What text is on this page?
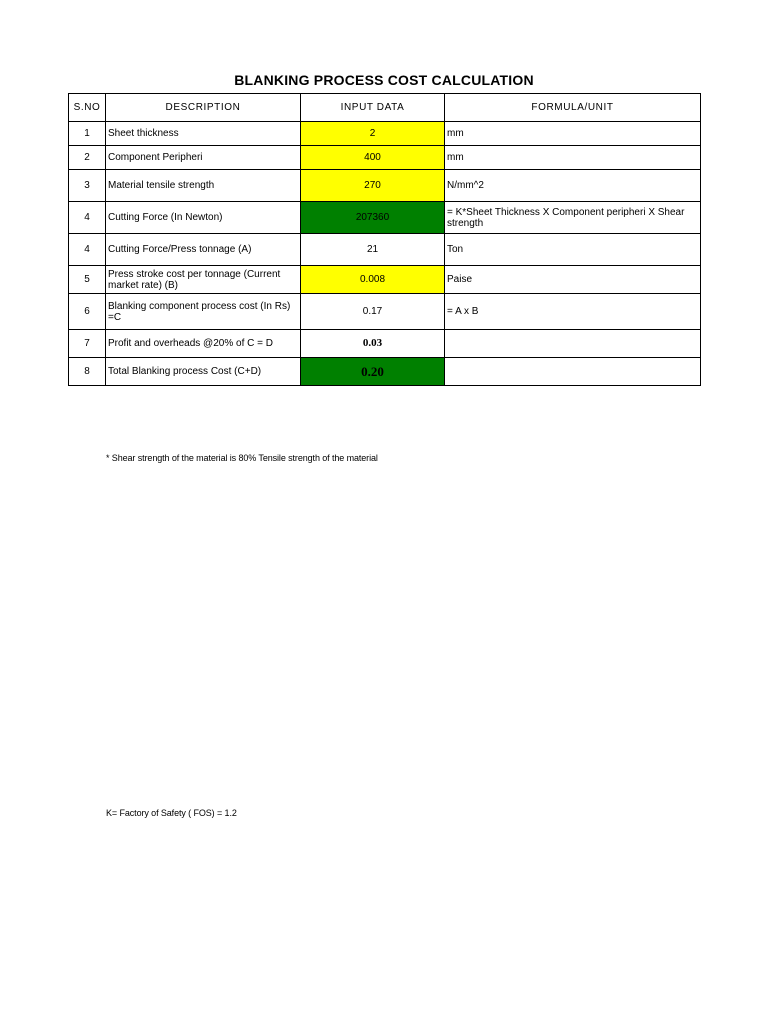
BLANKING PROCESS COST CALCULATION
S.NO	DESCRIPTION	INPUT DATA	FORMULA/UNIT
1	Sheet thickness	2	mm
2	Component Peripheri	400	mm
3	Material tensile strength	270	N/mm^2
4	Cutting Force (In Newton)	207360	= K*Sheet Thickness X Component peripheri X Shear strength
4	Cutting Force/Press tonnage (A)	21	Ton
5	Press stroke cost per tonnage (Current market rate) (B)	0.008	Paise
6	Blanking component process cost (In Rs) =C	0.17	= A x B
7	Profit and overheads @20% of C = D	0.03	
8	Total Blanking process Cost (C+D)	0.20	
* Shear strength of the material is 80% Tensile strength of the material
K= Factory of Safety ( FOS) = 1.2
